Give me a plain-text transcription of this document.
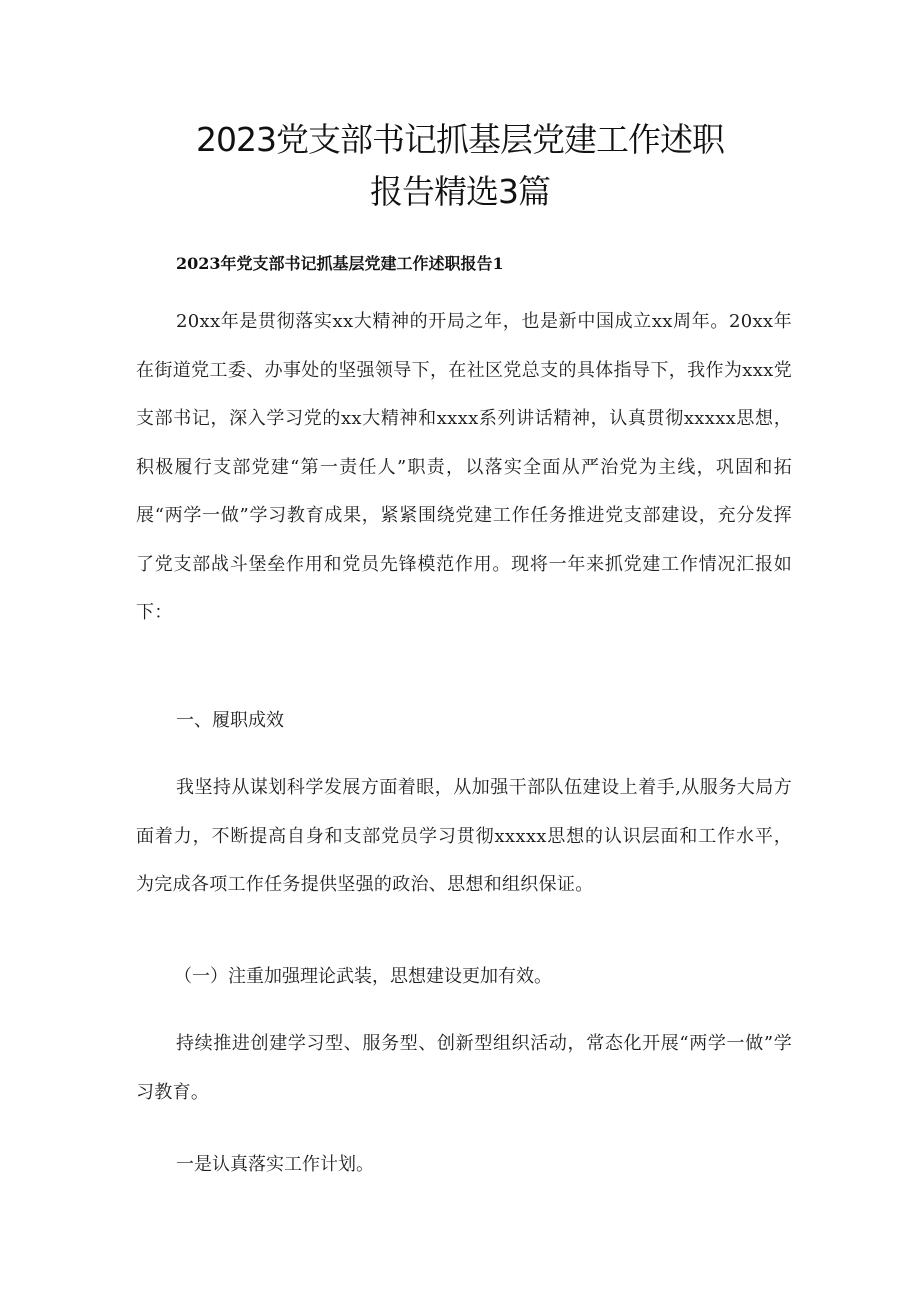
2023党支部书记抓基层党建工作述职
报告精选3篇

2023年党支部书记抓基层党建工作述职报告1

20xx年是贯彻落实xx大精神的开局之年，也是新中国成立xx周年。20xx年在街道党工委、办事处的坚强领导下，在社区党总支的具体指导下，我作为xxx党支部书记，深入学习党的xx大精神和xxxx系列讲话精神，认真贯彻xxxxx思想，积极履行支部党建“第一责任人”职责，以落实全面从严治党为主线，巩固和拓展“两学一做”学习教育成果，紧紧围绕党建工作任务推进党支部建设，充分发挥了党支部战斗堡垒作用和党员先锋模范作用。现将一年来抓党建工作情况汇报如下：

一、履职成效

我坚持从谋划科学发展方面着眼，从加强干部队伍建设上着手,从服务大局方面着力，不断提高自身和支部党员学习贯彻xxxxx思想的认识层面和工作水平，为完成各项工作任务提供坚强的政治、思想和组织保证。

（一）注重加强理论武装，思想建设更加有效。

持续推进创建学习型、服务型、创新型组织活动，常态化开展“两学一做”学习教育。

一是认真落实工作计划。
